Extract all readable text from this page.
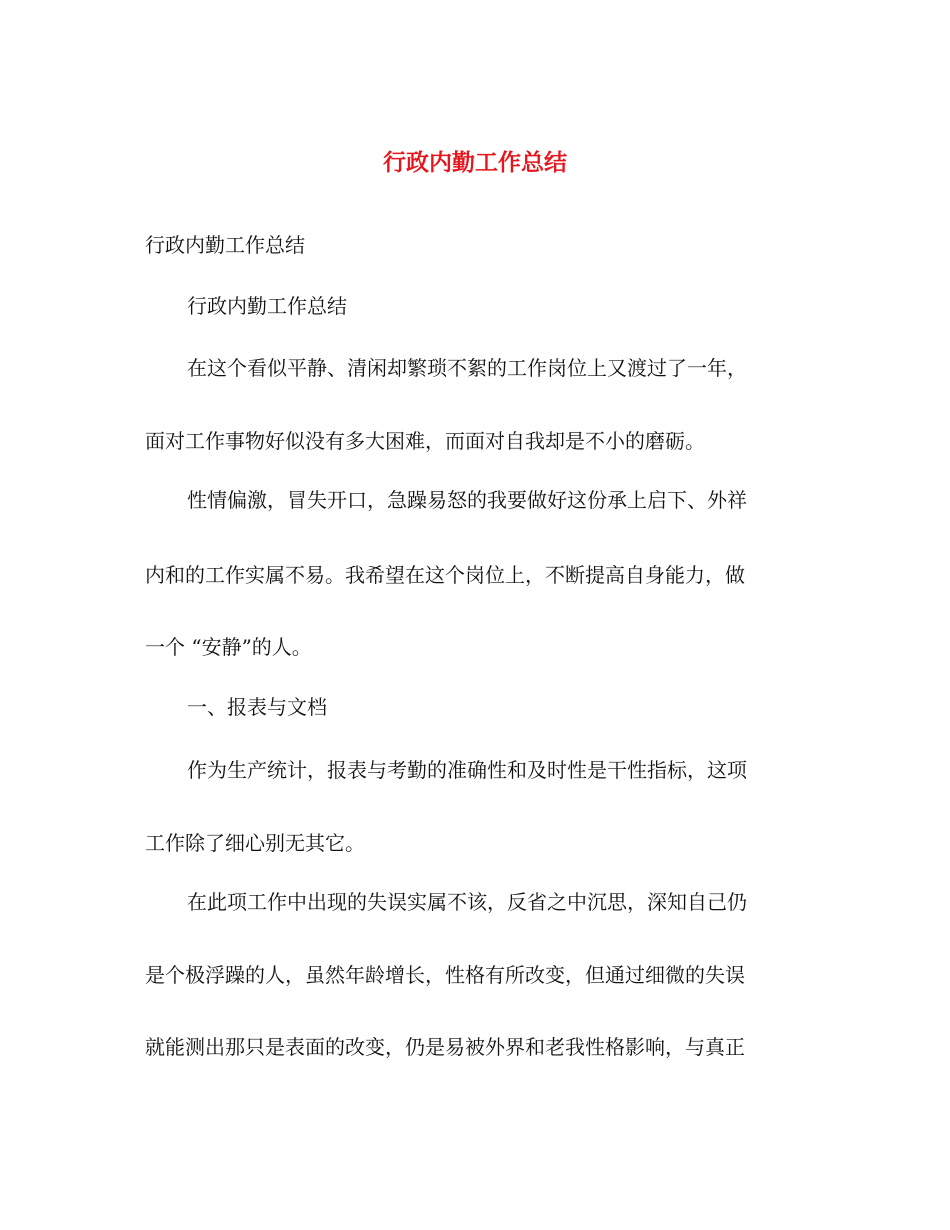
行政内勤工作总结
行政内勤工作总结
行政内勤工作总结
在这个看似平静、清闲却繁琐不絮的工作岗位上又渡过了一年，
面对工作事物好似没有多大困难，而面对自我却是不小的磨砺。
性情偏激，冒失开口，急躁易怒的我要做好这份承上启下、外祥
内和的工作实属不易。我希望在这个岗位上，不断提高自身能力，做
一个 “安静”的人。
一、报表与文档
作为生产统计，报表与考勤的准确性和及时性是干性指标，这项
工作除了细心别无其它。
在此项工作中出现的失误实属不该，反省之中沉思，深知自己仍
是个极浮躁的人，虽然年龄增长，性格有所改变，但通过细微的失误
就能测出那只是表面的改变，仍是易被外界和老我性格影响，与真正
